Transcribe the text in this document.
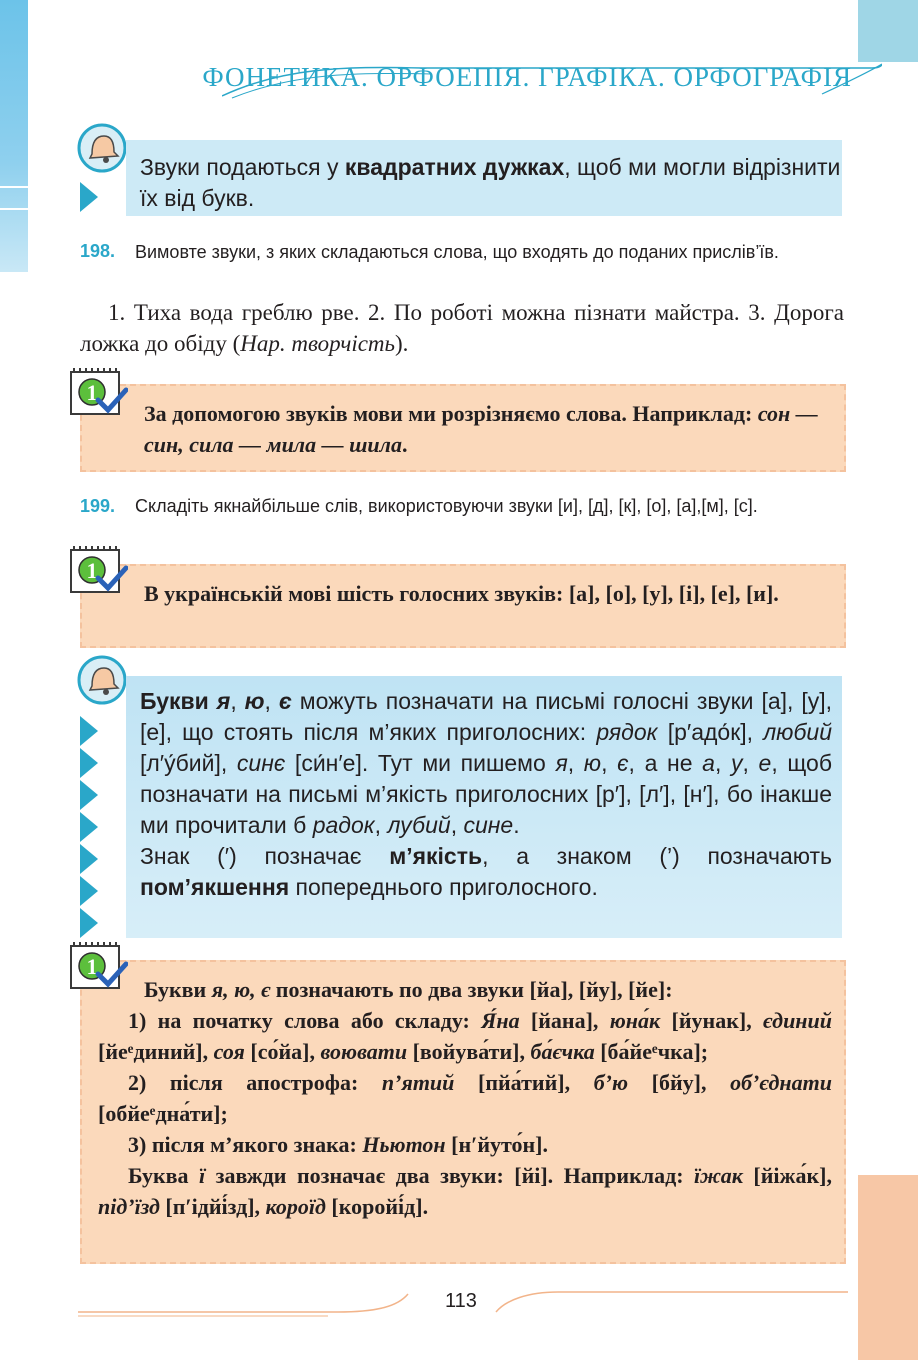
ФОНЕТИКА. ОРФОЕПІЯ. ГРАФІКА. ОРФОГРАФІЯ

Звуки подаються у квадратних дужках, щоб ми могли відрізнити їх від букв.

198. Вимовте звуки, з яких складаються слова, що входять до поданих прислів’їв.
1. Тиха вода греблю рве. 2. По роботі можна пізнати майстра. 3. Дорога ложка до обіду (Нар. творчість).

За допомогою звуків мови ми розрізняємо слова. Наприклад: сон — син, сила — мила — шила.

1
199. Складіть якнайбільше слів, використовуючи звуки [и], [д], [к], [о], [а],[м], [с].

В українській мові шість голосних звуків: [а], [о], [у], [і], [е], [и].

1

Букви я, ю, є можуть позначати на письмі голосні звуки [а], [у], [е], що стоять після м’яких приголосних: рядок [р′адо́к], любий [л′у́бий], синє [си́н′е]. Тут ми пишемо я, ю, є, а не а, у, е, щоб позначати на письмі м’якість приголосних [р′], [л′], [н′], бо інакше ми прочитали б радок, лубий, сине.

Знак (′) позначає м’якість, а знаком (’) позначають пом’якшення попереднього приголосного.

Букви я, ю, є позначають по два звуки [йа], [йу], [йе]:

1) на початку слова або складу: Я́на [йана], юна́к [йунак], єдиний [йеᵉдиний], соя [со́йа], воювати [войува́ти], ба́єчка [ба́йеᵉчка];

2) після апострофа: п’ятий [пйа́тий], б’ю [бйу], об’єднати [обйеᵉдна́ти];

3) після м’якого знака: Ньютон [н′йуто́н].

Буква ї завжди позначає два звуки: [йі]. Наприклад: їжак [йіжа́к], під’їзд [п′ідйі́зд], короїд [коройі́д].

1
113
